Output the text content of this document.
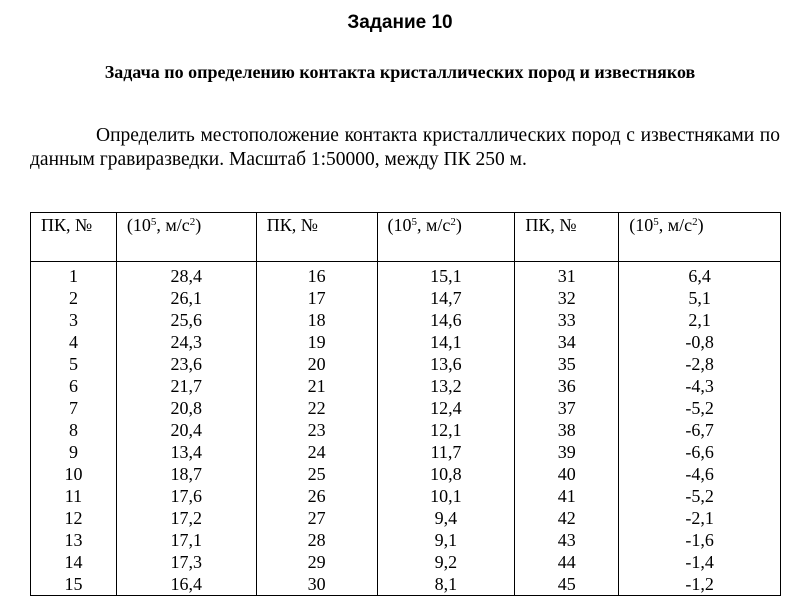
Задание 10
Задача по определению контакта кристаллических пород и известняков
Определить местоположение контакта кристаллических пород с известняками по данным гравиразведки. Масштаб 1:50000, между ПК 250 м.
ПК, №	($10^5$, $м/с^2$)	ПК, №	($10^5$, $м/с^2$)	ПК, №	($10^5$, $м/с^2$)
1	28,4	16	15,1	31	6,4
2	26,1	17	14,7	32	5,1
3	25,6	18	14,6	33	2,1
4	24,3	19	14,1	34	-0,8
5	23,6	20	13,6	35	-2,8
6	21,7	21	13,2	36	-4,3
7	20,8	22	12,4	37	-5,2
8	20,4	23	12,1	38	-6,7
9	13,4	24	11,7	39	-6,6
10	18,7	25	10,8	40	-4,6
11	17,6	26	10,1	41	-5,2
12	17,2	27	9,4	42	-2,1
13	17,1	28	9,1	43	-1,6
14	17,3	29	9,2	44	-1,4
15	16,4	30	8,1	45	-1,2
